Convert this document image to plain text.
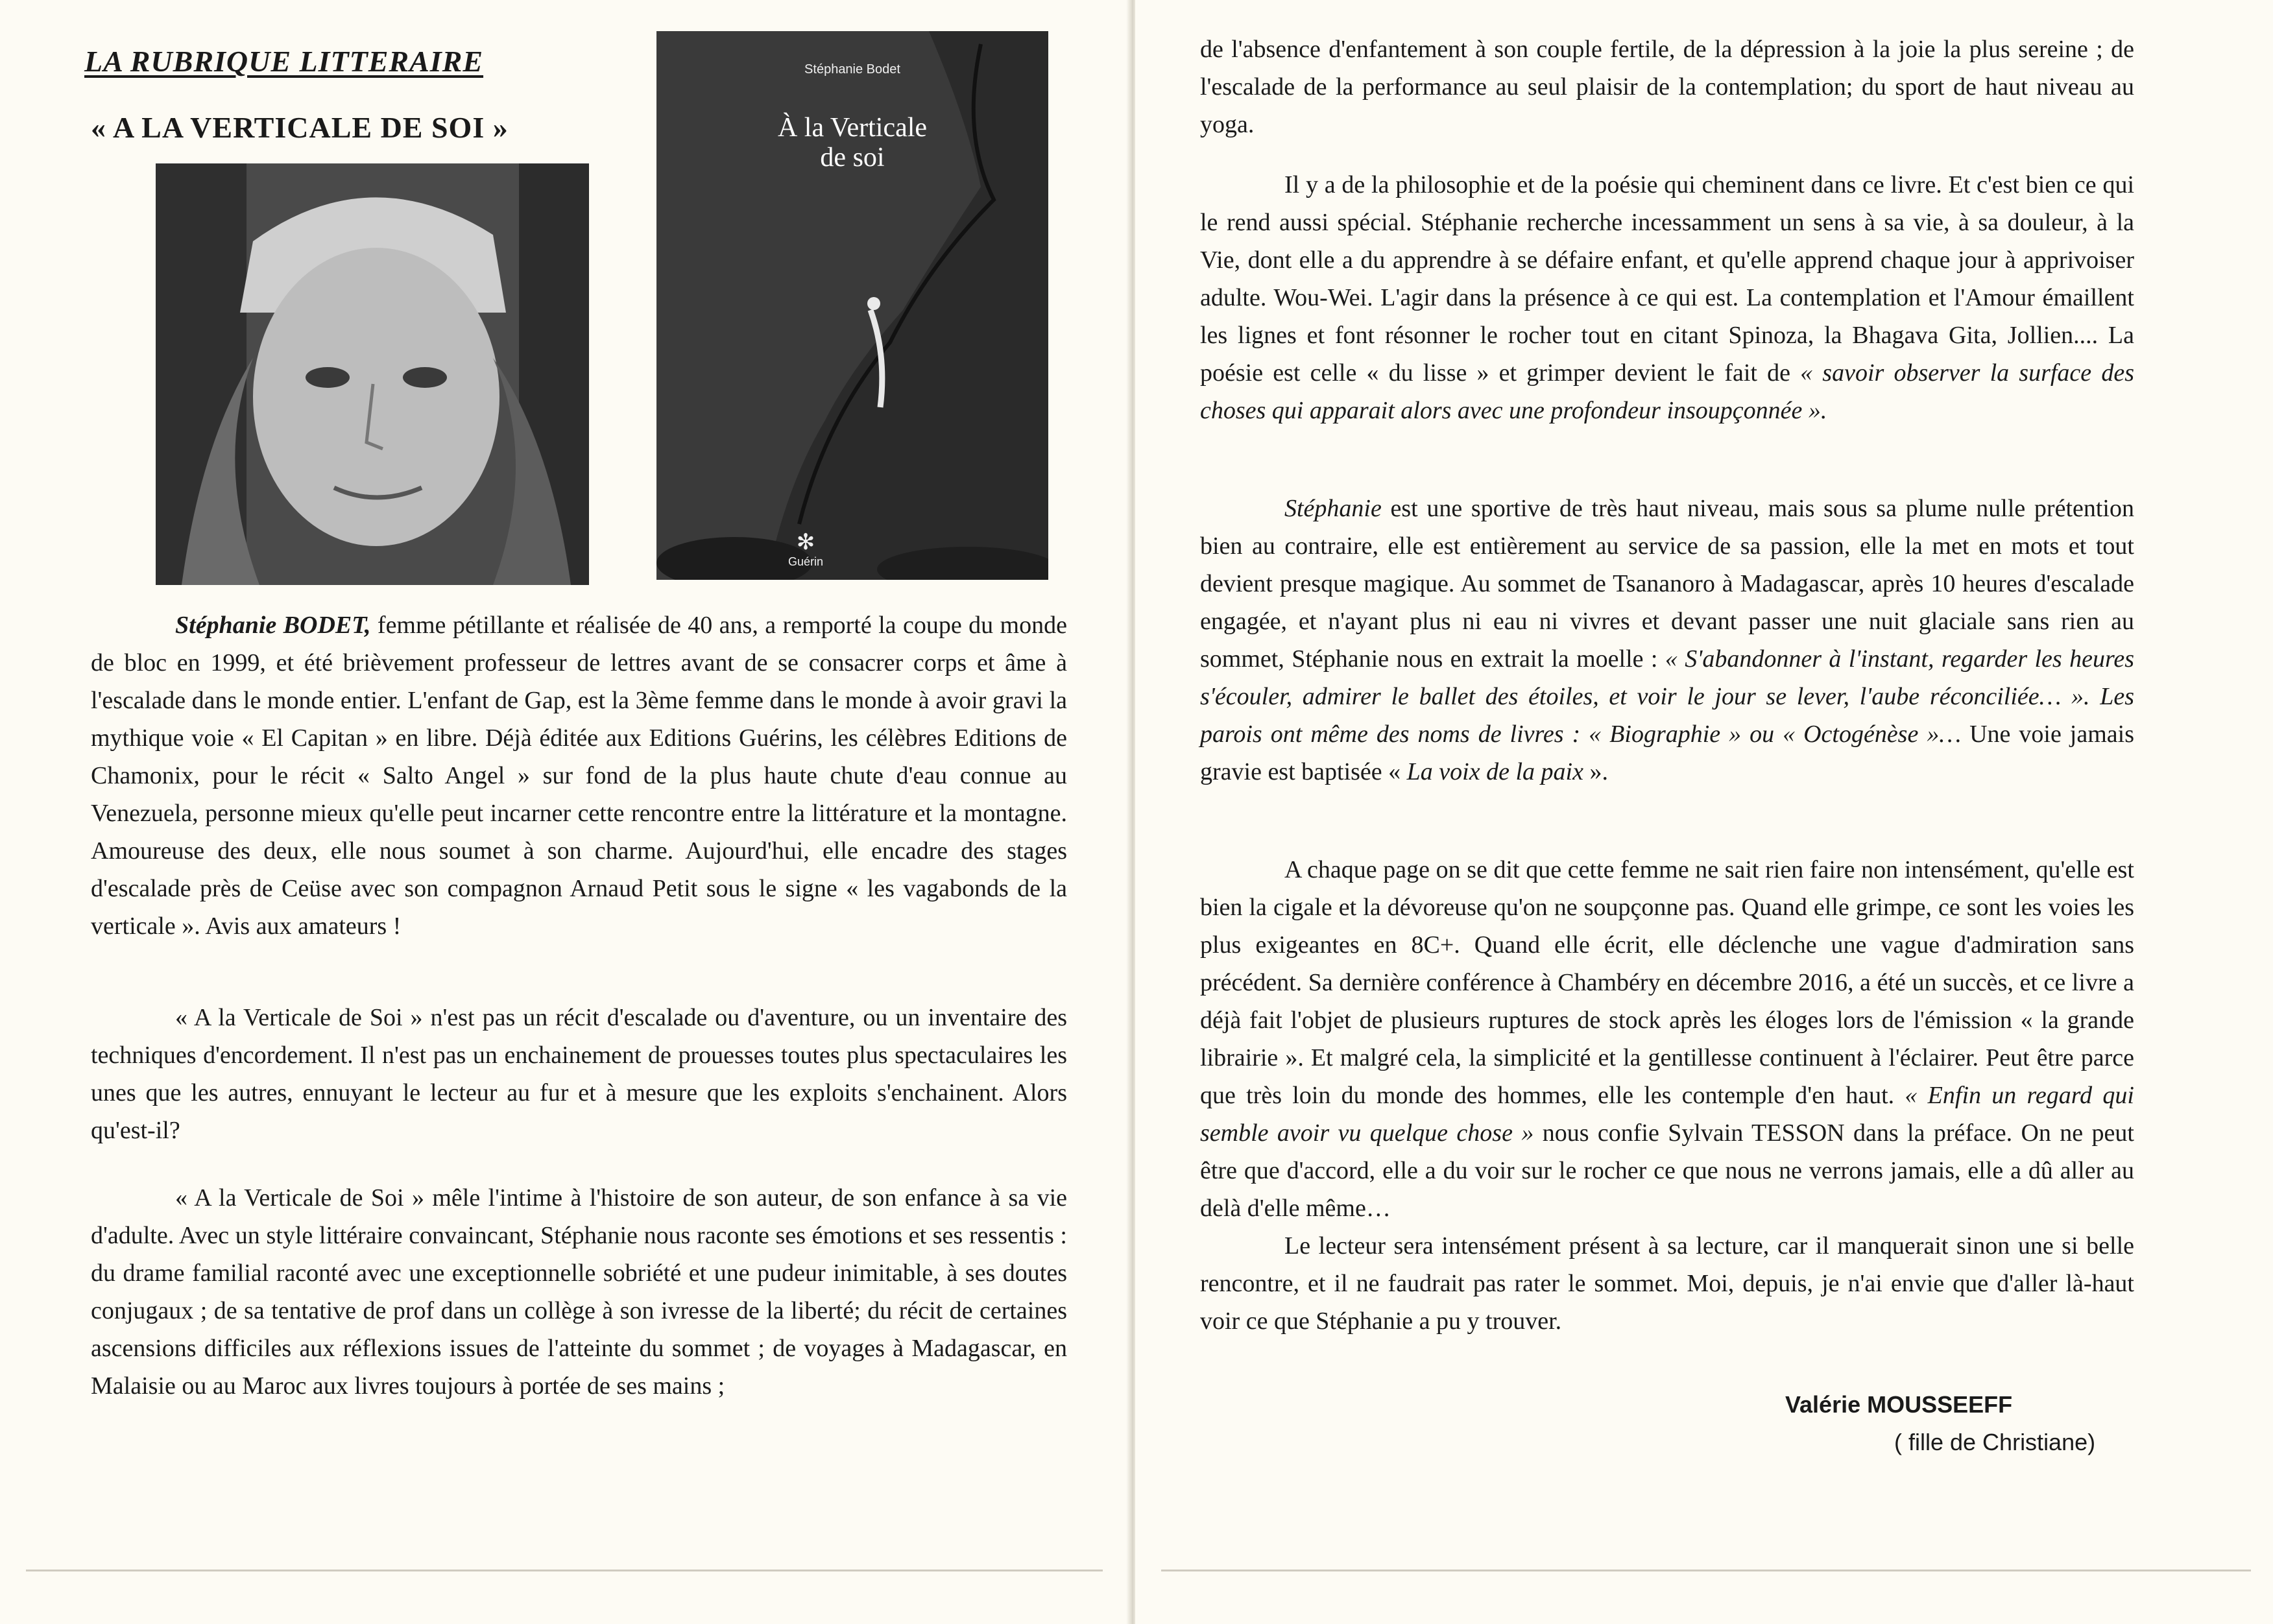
LA RUBRIQUE LITTERAIRE
« A LA VERTICALE DE SOI »
Stéphanie Bodet
À la Verticale
de soi
✻
Guérin

Stéphanie BODET, femme pétillante et réalisée de 40 ans, a remporté la coupe du monde de bloc en 1999, et été brièvement professeur de lettres avant de se consacrer corps et âme à l'escalade dans le monde entier. L'enfant de Gap, est la 3ème femme dans le monde à avoir gravi la mythique voie « El Capitan » en libre. Déjà éditée aux Editions Guérins, les célèbres Editions de Chamonix, pour le récit « Salto Angel » sur fond de la plus haute chute d'eau connue au Venezuela, personne mieux qu'elle peut incarner cette rencontre entre la littérature et la montagne. Amoureuse des deux, elle nous soumet à son charme. Aujourd'hui, elle encadre des stages d'escalade près de Ceüse avec son compagnon Arnaud Petit sous le signe « les vagabonds de la verticale ». Avis aux amateurs !

« A la Verticale de Soi » n'est pas un récit d'escalade ou d'aventure, ou un inventaire des techniques d'encordement. Il n'est pas un enchainement de prouesses toutes plus spectaculaires les unes que les autres, ennuyant le lecteur au fur et à mesure que les exploits s'enchainent. Alors qu'est-il?

« A la Verticale de Soi » mêle l'intime à l'histoire de son auteur, de son enfance à sa vie d'adulte. Avec un style littéraire convaincant, Stéphanie nous raconte ses émotions et ses ressentis : du drame familial raconté avec une exceptionnelle sobriété et une pudeur inimitable, à ses doutes conjugaux ; de sa tentative de prof dans un collège à son ivresse de la liberté; du récit de certaines ascensions difficiles aux réflexions issues de l'atteinte du sommet ; de voyages à Madagascar, en Malaisie ou au Maroc aux livres toujours à portée de ses mains ;

de l'absence d'enfantement à son couple fertile, de la dépression à la joie la plus sereine ; de l'escalade de la performance au seul plaisir de la contemplation; du sport de haut niveau au yoga.

Il y a de la philosophie et de la poésie qui cheminent dans ce livre. Et c'est bien ce qui le rend aussi spécial. Stéphanie recherche incessamment un sens à sa vie, à sa douleur, à la Vie, dont elle a du apprendre à se défaire enfant, et qu'elle apprend chaque jour à apprivoiser adulte. Wou-Wei. L'agir dans la présence à ce qui est. La contemplation et l'Amour émaillent les lignes et font résonner le rocher tout en citant Spinoza, la Bhagava Gita, Jollien.... La poésie est celle « du lisse » et grimper devient le fait de « savoir observer la surface des choses qui apparait alors avec une profondeur insoupçonnée ».

Stéphanie est une sportive de très haut niveau, mais sous sa plume nulle prétention bien au contraire, elle est entièrement au service de sa passion, elle la met en mots et tout devient presque magique. Au sommet de Tsananoro à Madagascar, après 10 heures d'escalade engagée, et n'ayant plus ni eau ni vivres et devant passer une nuit glaciale sans rien au sommet, Stéphanie nous en extrait la moelle : « S'abandonner à l'instant, regarder les heures s'écouler, admirer le ballet des étoiles, et voir le jour se lever, l'aube réconciliée… ». Les parois ont même des noms de livres : « Biographie » ou « Octogénèse »… Une voie jamais gravie est baptisée « La voix de la paix ».

A chaque page on se dit que cette femme ne sait rien faire non intensément, qu'elle est bien la cigale et la dévoreuse qu'on ne soupçonne pas. Quand elle grimpe, ce sont les voies les plus exigeantes en 8C+. Quand elle écrit, elle déclenche une vague d'admiration sans précédent. Sa dernière conférence à Chambéry en décembre 2016, a été un succès, et ce livre a déjà fait l'objet de plusieurs ruptures de stock après les éloges lors de l'émission « la grande librairie ». Et malgré cela, la simplicité et la gentillesse continuent à l'éclairer. Peut être parce que très loin du monde des hommes, elle les contemple d'en haut. « Enfin un regard qui semble avoir vu quelque chose » nous confie Sylvain TESSON dans la préface. On ne peut être que d'accord, elle a du voir sur le rocher ce que nous ne verrons jamais, elle a dû aller au delà d'elle même…

Le lecteur sera intensément présent à sa lecture, car il manquerait sinon une si belle rencontre, et il ne faudrait pas rater le sommet. Moi, depuis, je n'ai envie que d'aller là-haut voir ce que Stéphanie a pu y trouver.

Valérie MOUSSEEFF
( fille de Christiane)
